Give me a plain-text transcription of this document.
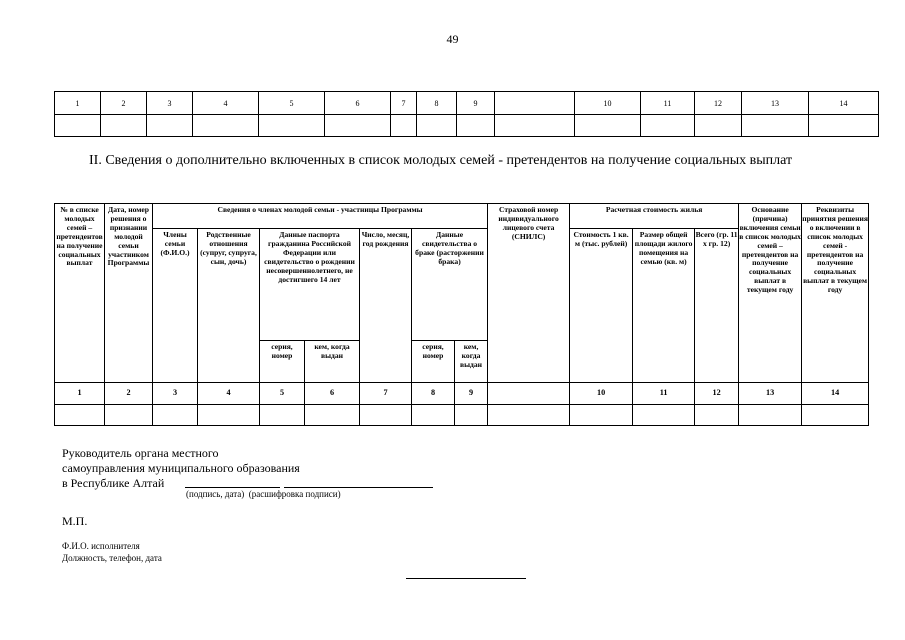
49
1	2	3	4	5	6	7	8	9		10	11	12	13	14

II. Сведения о дополнительно включенных в список молодых семей - претендентов на получение социальных выплат
№ в списке молодых семей – претендентов на получение социальных выплат	Дата, номер решения о признании молодой семьи участником Программы	Сведения о членах молодой семьи - участницы Программы							Страховой номер индивидуального лицевого счета (СНИЛС)	Расчетная стоимость жилья			Основание (причина) включения семьи в список молодых семей – претендентов на получение социальных выплат в текущем году	Реквизиты принятия решения о включении в список молодых семей - претендентов на получение социальных выплат в текущем году
		Члены семьи (Ф.И.О.)	Родственные отношения (супруг, супруга, сын, дочь)	Данные паспорта гражданина Российской Федерации или свидетельство о рождении несовершеннолетнего, не достигшего 14 лет		Число, месяц, год рождения	Данные свидетельства о браке (расторжении брака)			Стоимость 1 кв. м (тыс. рублей)	Размер общей площади жилого помещения на семью (кв. м)	Всего (гр. 11 х гр. 12)		
				серия, номер	кем, когда выдан		серия, номер	кем, когда выдан						
1	2	3	4	5	6	7	8	9		10	11	12	13	14

Руководитель органа местного
самоуправления муниципального образования
в Республике Алтай
(подпись, дата)  (расшифровка подписи)
М.П.
Ф.И.О. исполнителя
Должность, телефон, дата
